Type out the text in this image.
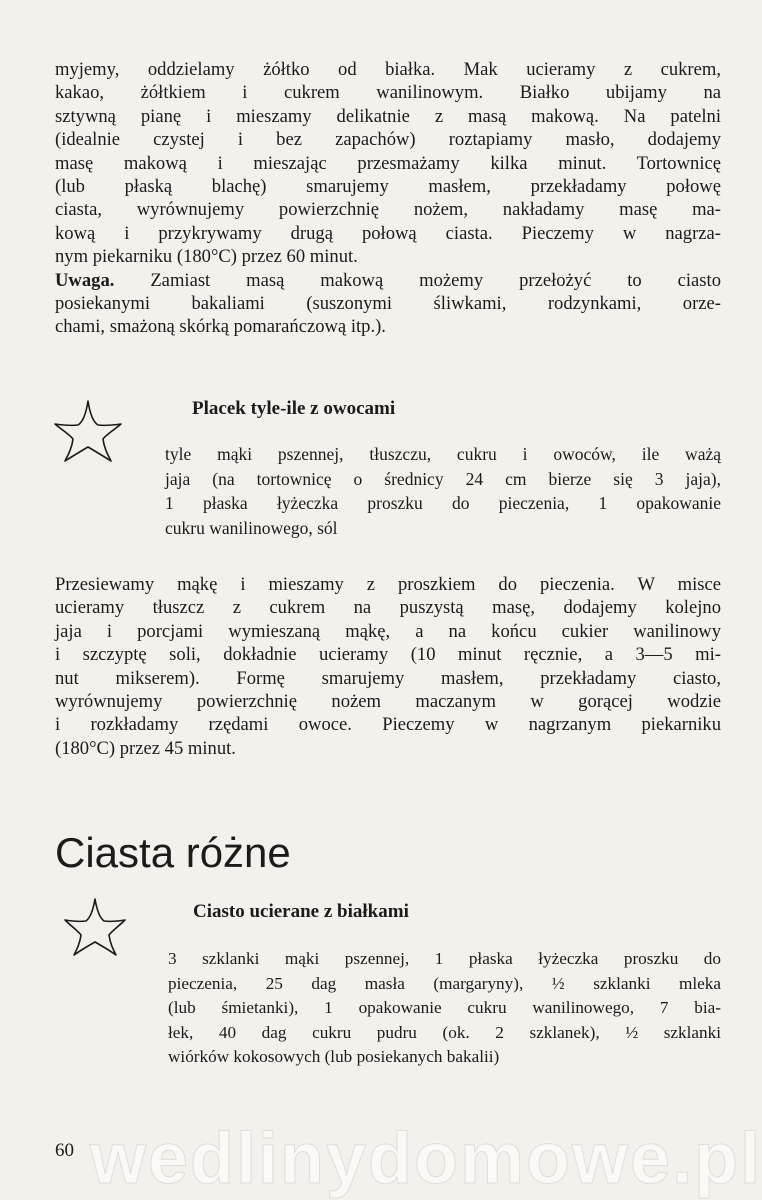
myjemy, oddzielamy żółtko od białka. Mak ucieramy z cukrem,
kakao, żółtkiem i cukrem wanilinowym. Białko ubijamy na
sztywną pianę i mieszamy delikatnie z masą makową. Na patelni
(idealnie czystej i bez zapachów) roztapiamy masło, dodajemy
masę makową i mieszając przesmażamy kilka minut. Tortownicę
(lub płaską blachę) smarujemy masłem, przekładamy połowę
ciasta, wyrównujemy powierzchnię nożem, nakładamy masę ma-
kową i przykrywamy drugą połową ciasta. Pieczemy w nagrza-
nym piekarniku (180°C) przez 60 minut.
Uwaga. Zamiast masą makową możemy przełożyć to ciasto
posiekanymi bakaliami (suszonymi śliwkami, rodzynkami, orze-
chami, smażoną skórką pomarańczową itp.).
Placek tyle-ile z owocami
tyle mąki pszennej, tłuszczu, cukru i owoców, ile ważą
jaja (na tortownicę o średnicy 24 cm bierze się 3 jaja),
1 płaska łyżeczka proszku do pieczenia, 1 opakowanie
cukru wanilinowego, sól
Przesiewamy mąkę i mieszamy z proszkiem do pieczenia. W misce
ucieramy tłuszcz z cukrem na puszystą masę, dodajemy kolejno
jaja i porcjami wymieszaną mąkę, a na końcu cukier wanilinowy
i szczyptę soli, dokładnie ucieramy (10 minut ręcznie, a 3—5 mi-
nut mikserem). Formę smarujemy masłem, przekładamy ciasto,
wyrównujemy powierzchnię nożem maczanym w gorącej wodzie
i rozkładamy rzędami owoce. Pieczemy w nagrzanym piekarniku
(180°C) przez 45 minut.
Ciasta różne
Ciasto ucierane z białkami
3 szklanki mąki pszennej, 1 płaska łyżeczka proszku do
pieczenia, 25 dag masła (margaryny), ½ szklanki mleka
(lub śmietanki), 1 opakowanie cukru wanilinowego, 7 bia-
łek, 40 dag cukru pudru (ok. 2 szklanek), ½ szklanki
wiórków kokosowych (lub posiekanych bakalii)
wedlinydomowe.pl
60
